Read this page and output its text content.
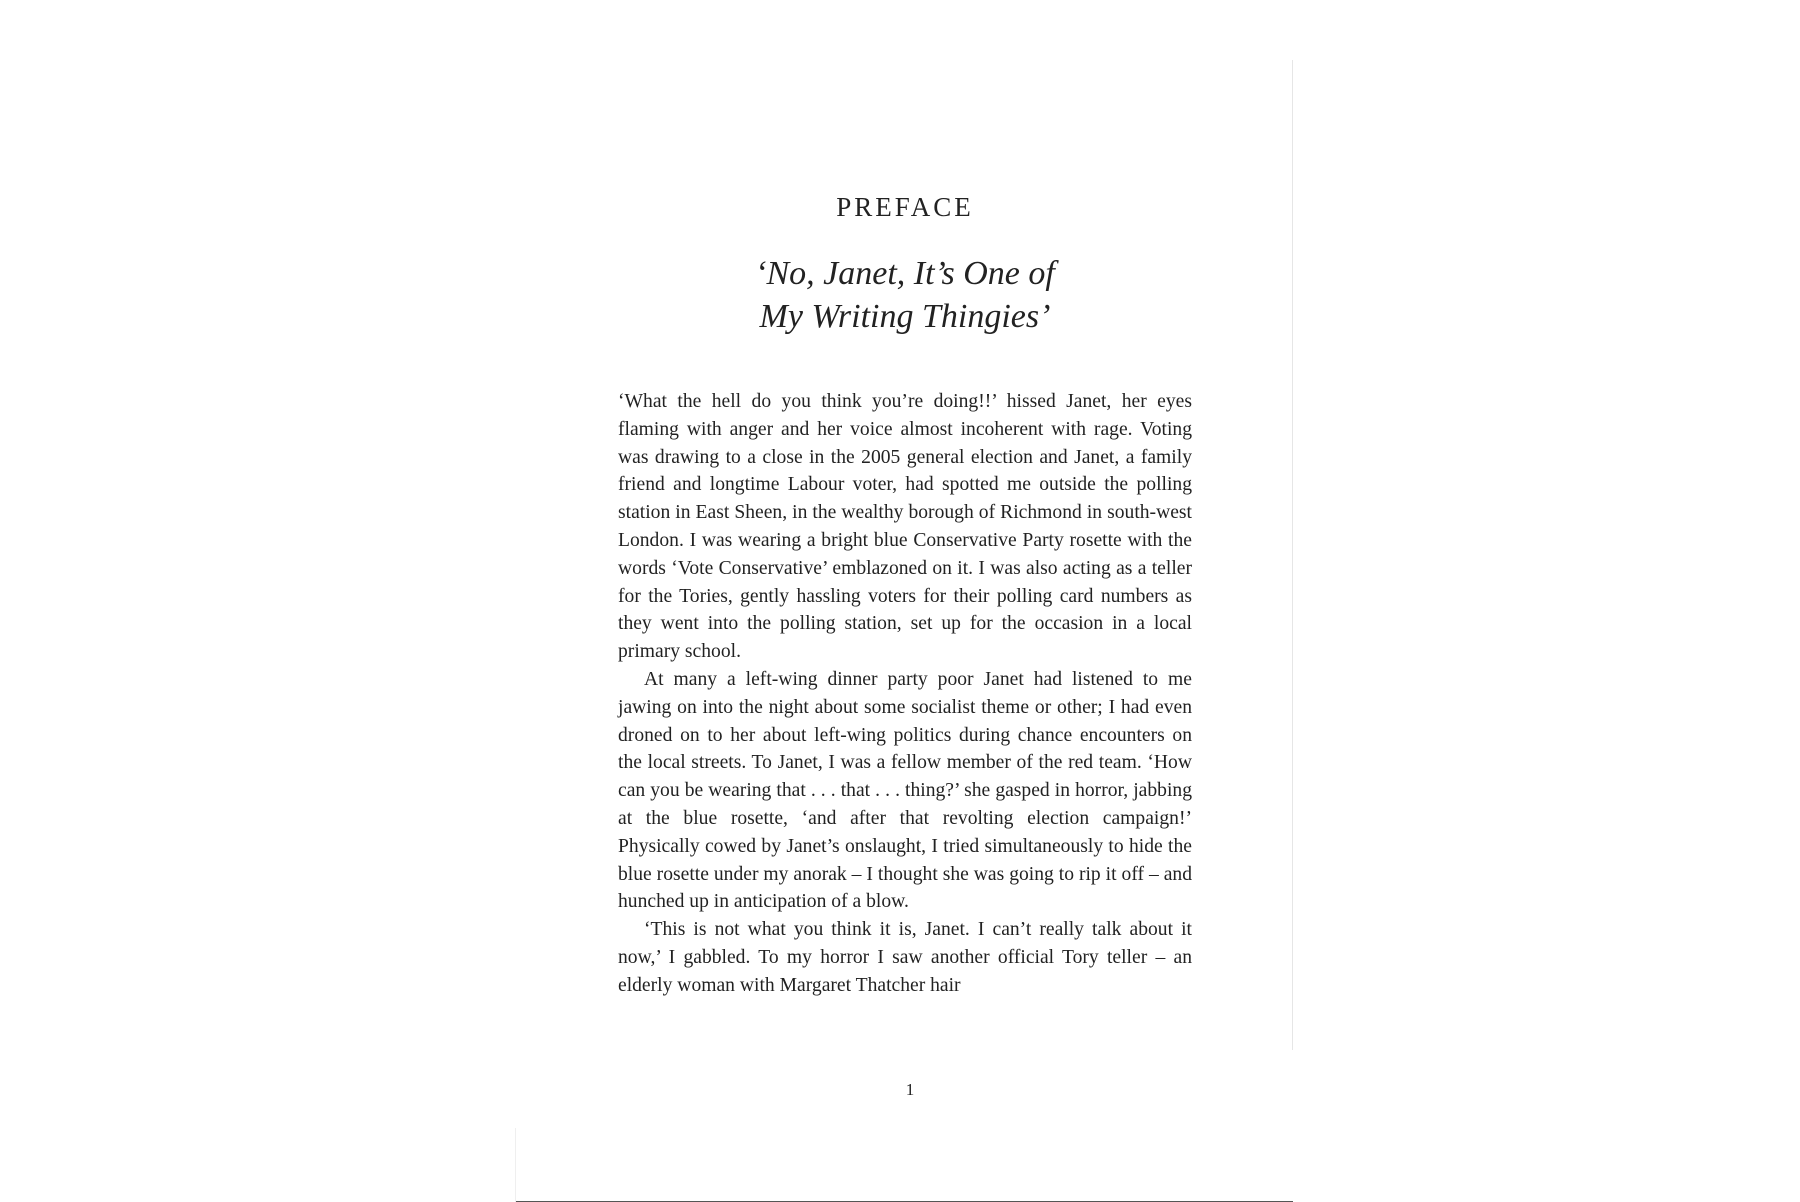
PREFACE
‘No, Janet, It’s One of
My Writing Thingies’

‘What the hell do you think you’re doing!!’ hissed Janet, her eyes flaming with anger and her voice almost incoherent with rage. Voting was drawing to a close in the 2005 general election and Janet, a family friend and longtime Labour voter, had spotted me outside the polling station in East Sheen, in the wealthy borough of Richmond in south-west London. I was wearing a bright blue Conservative Party rosette with the words ‘Vote Conservative’ emblazoned on it. I was also acting as a teller for the Tories, gently hassling voters for their polling card numbers as they went into the polling station, set up for the occasion in a local primary school.

At many a left-wing dinner party poor Janet had listened to me jawing on into the night about some socialist theme or other; I had even droned on to her about left-wing politics during chance encounters on the local streets. To Janet, I was a fellow member of the red team. ‘How can you be wearing that . . . that . . . thing?’ she gasped in horror, jabbing at the blue rosette, ‘and after that revolting election campaign!’ Physically cowed by Janet’s onslaught, I tried simultaneously to hide the blue rosette under my anorak – I thought she was going to rip it off – and hunched up in anticipation of a blow.

‘This is not what you think it is, Janet. I can’t really talk about it now,’ I gabbled. To my horror I saw another official Tory teller – an elderly woman with Margaret Thatcher hair

1
